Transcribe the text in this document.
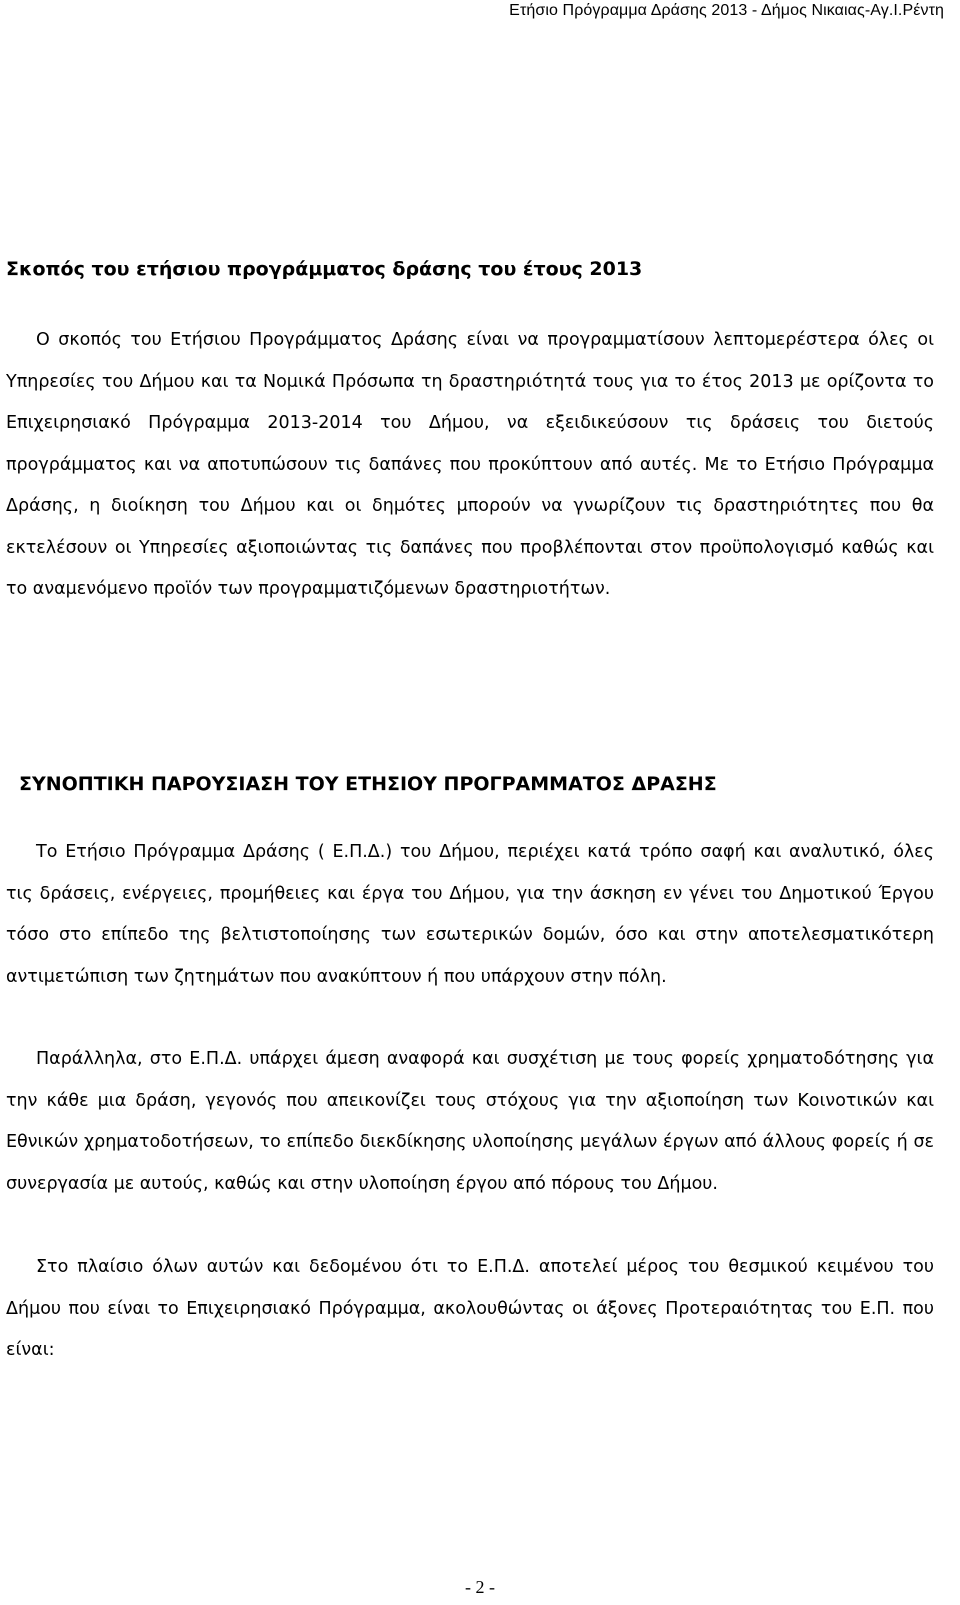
Ετήσιο Πρόγραμμα Δράσης 2013 - Δήμος Νικαιας-Αγ.Ι.Ρέντη
Σκοπός του ετήσιου προγράμματος δράσης του έτους 2013

Ο σκοπός του Ετήσιου Προγράμματος Δράσης είναι να προγραμματίσουν λεπτομερέστερα όλες οι Υπηρεσίες του Δήμου και τα Νομικά Πρόσωπα τη δραστηριότητά τους για το έτος 2013 με ορίζοντα το Επιχειρησιακό Πρόγραμμα 2013-2014 του Δήμου, να εξειδικεύσουν τις δράσεις του διετούς προγράμματος και να αποτυπώσουν τις δαπάνες που προκύπτουν από αυτές. Με το Ετήσιο Πρόγραμμα Δράσης, η διοίκηση του Δήμου και οι δημότες μπορούν να γνωρίζουν τις δραστηριότητες που θα εκτελέσουν οι Υπηρεσίες αξιοποιώντας τις δαπάνες που προβλέπονται στον προϋπολογισμό καθώς και το αναμενόμενο προϊόν των προγραμματιζόμενων δραστηριοτήτων.

ΣΥΝΟΠΤΙΚΗ ΠΑΡΟΥΣΙΑΣΗ ΤΟΥ ΕΤΗΣΙΟΥ ΠΡΟΓΡΑΜΜΑΤΟΣ ΔΡΑΣΗΣ

Το Ετήσιο Πρόγραμμα Δράσης ( Ε.Π.Δ.) του Δήμου, περιέχει κατά τρόπο σαφή και αναλυτικό, όλες τις δράσεις, ενέργειες, προμήθειες και έργα του Δήμου, για την άσκηση εν γένει του Δημοτικού Έργου τόσο στο επίπεδο της βελτιστοποίησης των εσωτερικών δομών, όσο και στην αποτελεσματικότερη αντιμετώπιση των ζητημάτων που ανακύπτουν ή που υπάρχουν στην πόλη.

Παράλληλα, στο Ε.Π.Δ. υπάρχει άμεση αναφορά και συσχέτιση με τους φορείς χρηματοδότησης για την κάθε μια δράση, γεγονός που απεικονίζει τους στόχους για την αξιοποίηση των Κοινοτικών και Εθνικών χρηματοδοτήσεων, το επίπεδο διεκδίκησης υλοποίησης μεγάλων έργων από άλλους φορείς ή σε συνεργασία με αυτούς, καθώς και στην υλοποίηση έργου από πόρους του Δήμου.

Στο πλαίσιο όλων αυτών και δεδομένου ότι το Ε.Π.Δ. αποτελεί μέρος του θεσμικού κειμένου του Δήμου που είναι το Επιχειρησιακό Πρόγραμμα, ακολουθώντας οι άξονες Προτεραιότητας του Ε.Π. που είναι:

- 2 -
